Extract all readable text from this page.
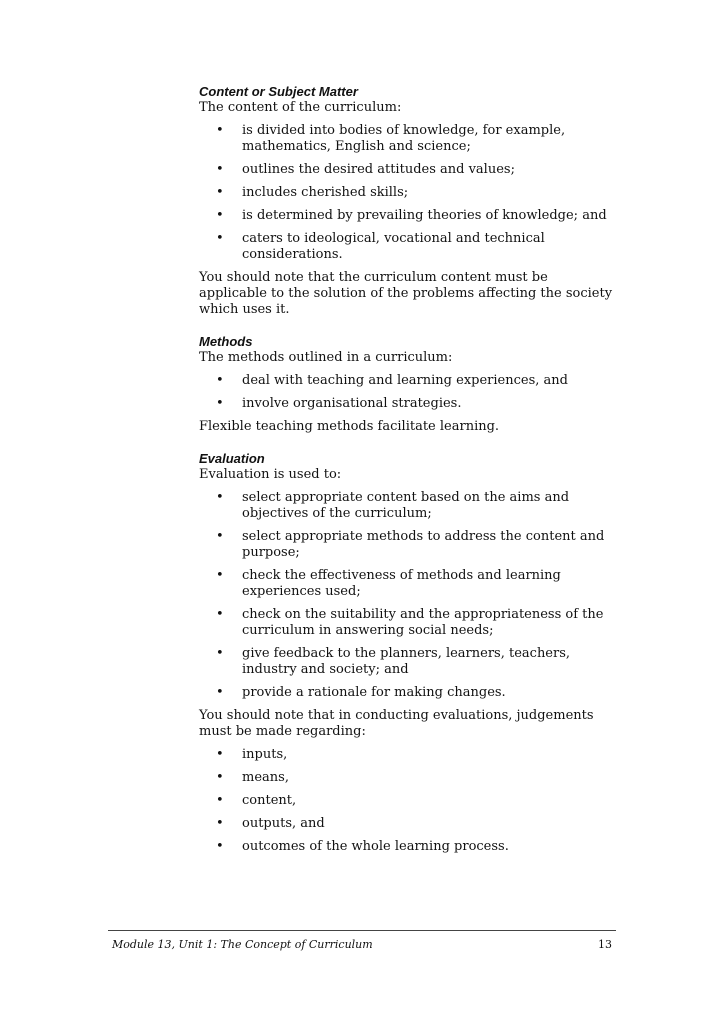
Content or Subject Matter

The content of the curriculum:

• is divided into bodies of knowledge, for example, mathematics, English and science;
• outlines the desired attitudes and values;
• includes cherished skills;
• is determined by prevailing theories of knowledge; and
• caters to ideological, vocational and technical considerations.

You should note that the curriculum content must be applicable to the solution of the problems affecting the society which uses it.

Methods

The methods outlined in a curriculum:

• deal with teaching and learning experiences, and
• involve organisational strategies.

Flexible teaching methods facilitate learning.

Evaluation

Evaluation is used to:

• select appropriate content based on the aims and objectives of the curriculum;
• select appropriate methods to address the content and purpose;
• check the effectiveness of methods and learning experiences used;
• check on the suitability and the appropriateness of the curriculum in answering social needs;
• give feedback to the planners, learners, teachers, industry and society; and
• provide a rationale for making changes.

You should note that in conducting evaluations, judgements must be made regarding:

• inputs,
• means,
• content,
• outputs, and
• outcomes of the whole learning process.
Module 13, Unit 1: The Concept of Curriculum	13
